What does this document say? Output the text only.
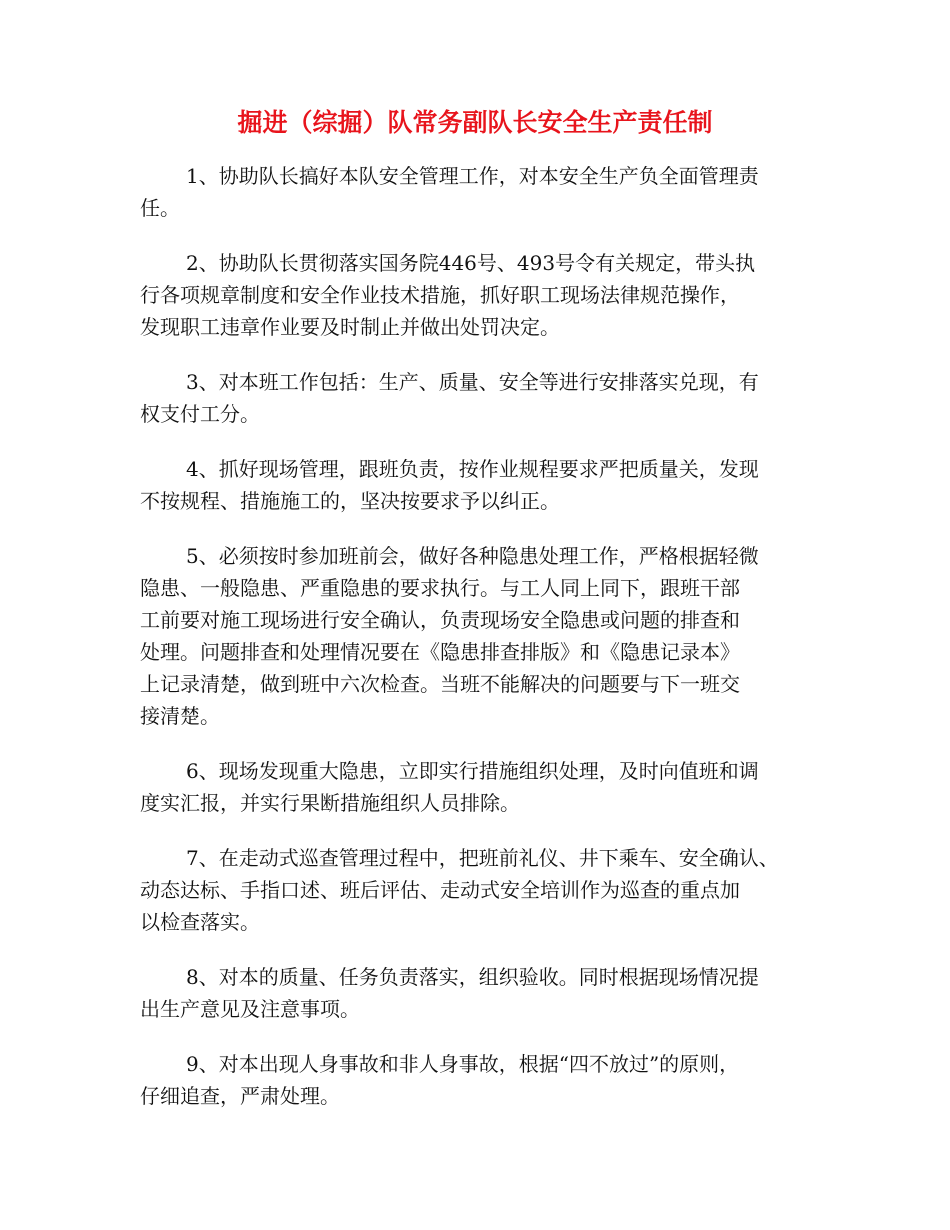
掘进（综掘）队常务副队长安全生产责任制

1、协助队长搞好本队安全管理工作，对本安全生产负全面管理责
任。

2、协助队长贯彻落实国务院446号、493号令有关规定，带头执
行各项规章制度和安全作业技术措施，抓好职工现场法律规范操作，
发现职工违章作业要及时制止并做出处罚决定。

3、对本班工作包括：生产、质量、安全等进行安排落实兑现，有
权支付工分。

4、抓好现场管理，跟班负责，按作业规程要求严把质量关，发现
不按规程、措施施工的，坚决按要求予以纠正。

5、必须按时参加班前会，做好各种隐患处理工作，严格根据轻微
隐患、一般隐患、严重隐患的要求执行。与工人同上同下，跟班干部
工前要对施工现场进行安全确认，负责现场安全隐患或问题的排查和
处理。问题排查和处理情况要在《隐患排查排版》和《隐患记录本》
上记录清楚，做到班中六次检查。当班不能解决的问题要与下一班交
接清楚。

6、现场发现重大隐患，立即实行措施组织处理，及时向值班和调
度实汇报，并实行果断措施组织人员排除。

7、在走动式巡查管理过程中，把班前礼仪、井下乘车、安全确认、
动态达标、手指口述、班后评估、走动式安全培训作为巡查的重点加
以检查落实。

8、对本的质量、任务负责落实，组织验收。同时根据现场情况提
出生产意见及注意事项。

9、对本出现人身事故和非人身事故，根据“四不放过”的原则，
仔细追查，严肃处理。
